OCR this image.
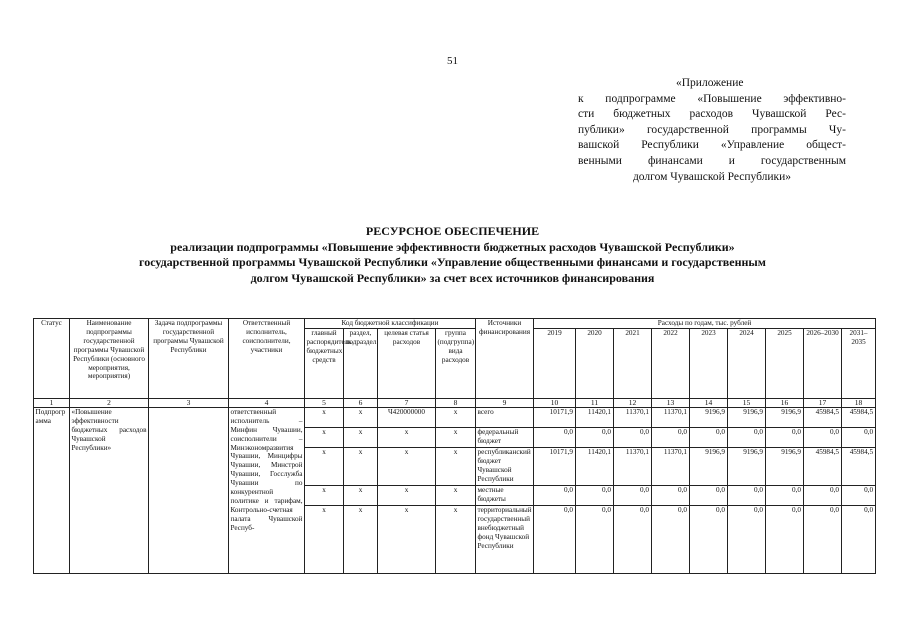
51
«Приложение
к подпрограмме «Повышение эффективно-
сти бюджетных расходов Чувашской Рес-
публики» государственной программы Чу-
вашской Республики «Управление общест-
венными финансами и государственным
долгом Чувашской Республики»
РЕСУРСНОЕ ОБЕСПЕЧЕНИЕ
реализации подпрограммы «Повышение эффективности бюджетных расходов Чувашской Республики»
государственной программы Чувашской Республики «Управление общественными финансами и государственным
долгом Чувашской Республики» за счет всех источников финансирования
Статус	Наименование подпрограммы государственной программы Чувашской Республики (основного мероприятия, мероприятия)	Задача подпрограммы государственной программы Чувашской Республики	Ответственный исполнитель, соисполнители, участники	Код бюджетной классификации				Источники финансирования	Расходы по годам, тыс. рублей								
				главный распорядитель бюджетных средств	раздел, подраздел	целевая статья расходов	группа (подгруппа) вида расходов		2019	2020	2021	2022	2023	2024	2025	2026–2030	2031–2035
1	2	3	4	5	6	7	8	9	10	11	12	13	14	15	16	17	18
Подпрограмма	«Повышение эффективности бюджетных расходов Чувашской Республики»		ответственный исполнитель – Минфин Чувашии, соисполнители – Минэкономразвития Чувашии, Минцифры Чувашии, Минстрой Чувашии, Госслужба Чувашии по конкурентной политике и тарифам, Контрольно-счетная палата Чувашской Респуб-	x	x	Ч420000000	x	всего	10171,9	11420,1	11370,1	11370,1	9196,9	9196,9	9196,9	45984,5	45984,5
				x	x	x	x	федеральный бюджет	0,0	0,0	0,0	0,0	0,0	0,0	0,0	0,0	0,0
				x	x	x	x	республиканский бюджет Чувашской Республики	10171,9	11420,1	11370,1	11370,1	9196,9	9196,9	9196,9	45984,5	45984,5
				x	x	x	x	местные бюджеты	0,0	0,0	0,0	0,0	0,0	0,0	0,0	0,0	0,0
				x	x	x	x	территориальный государственный внебюджетный фонд Чувашской Республики	0,0	0,0	0,0	0,0	0,0	0,0	0,0	0,0	0,0
